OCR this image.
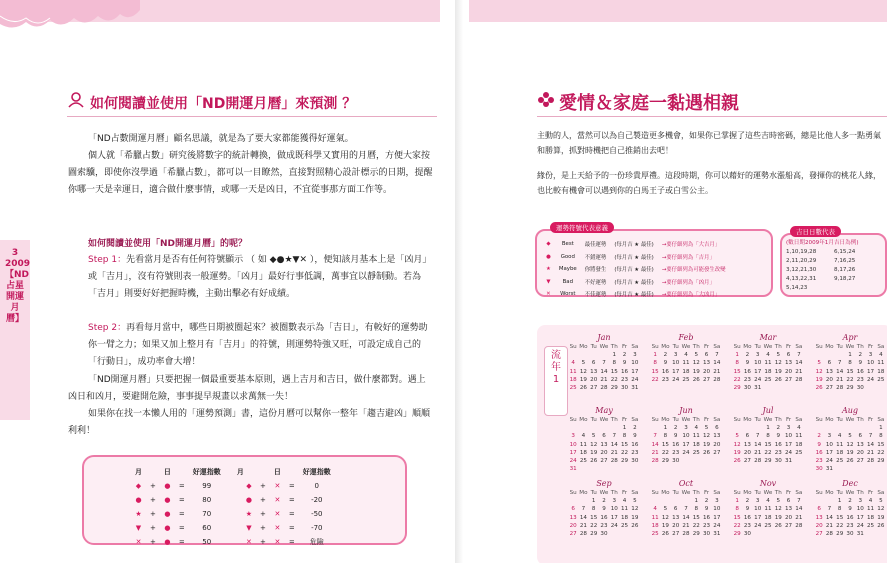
3 2009【ND占星開運月曆】
如何閱讀並使用「ND開運月曆」來預測 ？
「ND占數開運月曆」顧名思議，就是為了要大家都能獲得好運氣。
個人就「希臘占數」研究後將數字的統計轉換，做成既科學又實用的月曆，方便大家按圖索驥，即使你沒學過「希臘占數」，都可以一目瞭然，直接對照精心設計標示的日期，提醒你哪一天是幸運日，適合做什麼事情，或哪一天是凶日，不宜從事那方面工作等。
如何閱讀並使用「ND開運月曆」的呢？
Step 1：先看當月是否有任何符號顯示 （ 如 ◆●★▼✕ ），便知該月基本上是「凶月」或「吉月」，沒有符號則表一般運勢。「凶月」最好行事低調，萬事宜以靜制動。若為「吉月」則要好好把握時機，主動出擊必有好成績。
Step 2：再看每月當中，哪些日期被圈起來？被圈數表示為「吉日」，有較好的運勢助你一臂之力；如果又加上整月有「吉月」的符號，則運勢特強又旺，可設定成自己的「行動日」，成功率會大增！
「ND開運月曆」只要把握一個最重要基本原則，遇上吉月和吉日，做什麼都對。遇上凶日和凶月，要避開危險，事事提早規畫以求萬無一失！
如果你在找一本懶人用的「運勢預測」書，這份月曆可以幫你一整年「趨吉避凶」順順利利！
月		日		好運指數	月		日		好運指數
◆	+	●	=	99	◆	+	✕	=	0
●	+	●	=	80	●	+	✕	=	-20
★	+	●	=	70	★	+	✕	=	-50
▼	+	●	=	60	▼	+	✕	=	-70
✕	+	●	=	50	✕	+	✕	=	危險
愛情＆家庭一黏遇相親
主動的人，當然可以為自己製造更多機會，如果你已掌握了這些吉時密碼，總是比他人多一點勇氣和勝算，抓對時機把自己推銷出去吧！
緣份，是上天給予的一份珍貴厚禮。這段時期，你可以藉好的運勢水漲船高，發揮你的桃花人緣，也比較有機會可以遇到你的白馬王子或白雪公主。
運勢符號代表意義
◆	Best	最佳運勢	(每月吉 ★ 最佳)	→要仔細列為「大吉月」
●	Good	不錯運勢	(每月吉 ★ 最佳)	→要仔細列為「吉月」
★	Maybe	你將發生	(每月吉 ★ 最佳)	→要仔細列為可能發生改變
▼	Bad	不好運勢	(每月吉 ★ 最佳)	→要仔細列為「凶月」
✕	Worst	不佳運勢	(每月吉 ★ 最佳)	→要仔細列為「大凶月」
吉日日數代表
(數日期2009年1月吉日為例)
1,10,19,28	6,15,24
2,11,20,29	7,16,25
3,12,21,30	8,17,26
4,13,22,31	9,18,27
5,14,23
流年 1
Jan
Su	Mo	Tu	We	Th	Fr	Sa
				1	2	3
4	5	6	7	8	9	10
11	12	13	14	15	16	17
18	19	20	21	22	23	24
25	26	27	28	29	30	31
Feb
Su	Mo	Tu	We	Th	Fr	Sa
1	2	3	4	5	6	7
8	9	10	11	12	13	14
15	16	17	18	19	20	21
22	23	24	25	26	27	28
Mar
Su	Mo	Tu	We	Th	Fr	Sa
1	2	3	4	5	6	7
8	9	10	11	12	13	14
15	16	17	18	19	20	21
22	23	24	25	26	27	28
29	30	31				
Apr
Su	Mo	Tu	We	Th	Fr	Sa
			1	2	3	4
5	6	7	8	9	10	11
12	13	14	15	16	17	18
19	20	21	22	23	24	25
26	27	28	29	30		
May
Su	Mo	Tu	We	Th	Fr	Sa
					1	2
3	4	5	6	7	8	9
10	11	12	13	14	15	16
17	18	19	20	21	22	23
24	25	26	27	28	29	30
31						
Jun
Su	Mo	Tu	We	Th	Fr	Sa
	1	2	3	4	5	6
7	8	9	10	11	12	13
14	15	16	17	18	19	20
21	22	23	24	25	26	27
28	29	30				
Jul
Su	Mo	Tu	We	Th	Fr	Sa
			1	2	3	4
5	6	7	8	9	10	11
12	13	14	15	16	17	18
19	20	21	22	23	24	25
26	27	28	29	30	31	
Aug
Su	Mo	Tu	We	Th	Fr	Sa
						1
2	3	4	5	6	7	8
9	10	11	12	13	14	15
16	17	18	19	20	21	22
23	24	25	26	27	28	29
30	31					
Sep
Su	Mo	Tu	We	Th	Fr	Sa
		1	2	3	4	5
6	7	8	9	10	11	12
13	14	15	16	17	18	19
20	21	22	23	24	25	26
27	28	29	30			
Oct
Su	Mo	Tu	We	Th	Fr	Sa
				1	2	3
4	5	6	7	8	9	10
11	12	13	14	15	16	17
18	19	20	21	22	23	24
25	26	27	28	29	30	31
Nov
Su	Mo	Tu	We	Th	Fr	Sa
1	2	3	4	5	6	7
8	9	10	11	12	13	14
15	16	17	18	19	20	21
22	23	24	25	26	27	28
29	30					
Dec
Su	Mo	Tu	We	Th	Fr	Sa
		1	2	3	4	5
6	7	8	9	10	11	12
13	14	15	16	17	18	19
20	21	22	23	24	25	26
27	28	29	30	31		
